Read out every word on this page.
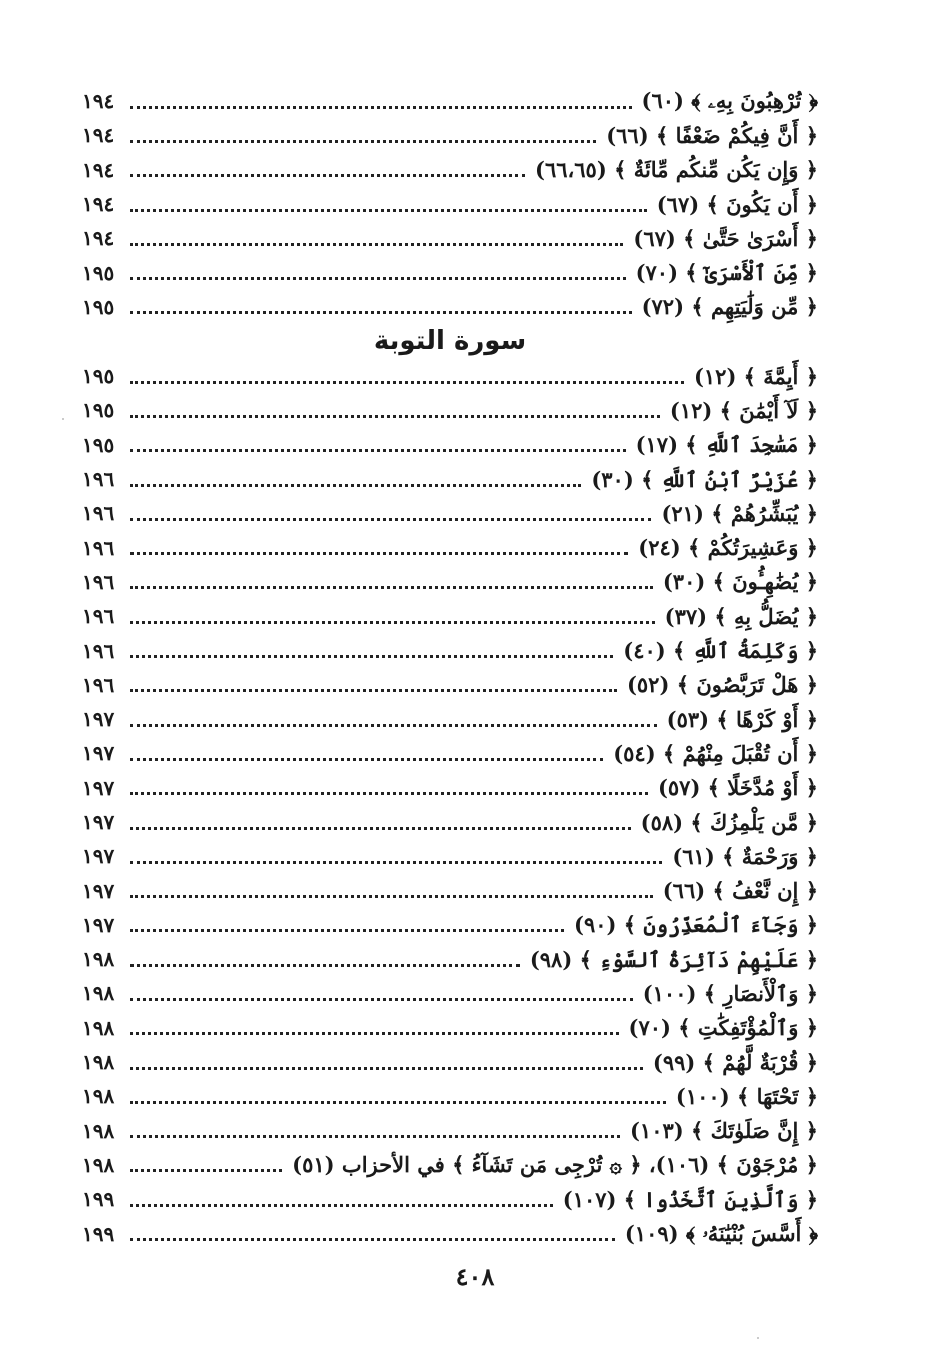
﴿ تُرْهِبُونَ بِهِۦ ﴾ (٦٠)
١٩٤
﴿ أَنَّ فِيكُمْ ضَعْفًا ﴾ (٦٦)
١٩٤
﴿ وَإِن يَكُن مِّنكُم مِّائَةٌ ﴾ (٦٦،٦٥)
١٩٤
﴿ أَن يَكُونَ ﴾ (٦٧)
١٩٤
﴿ أَسْرَىٰ حَتَّىٰ ﴾ (٦٧)
١٩٤
﴿ مِّنَ ٱلْأَسْرَىٰٓ ﴾ (٧٠)
١٩٥
﴿ مِّن وَلَٰيَتِهِم ﴾ (٧٢)
١٩٥
سورة التوبة
﴿ أَيِمَّةَ ﴾ (١٢)
١٩٥
﴿ لَآ أَيْمَٰنَ ﴾ (١٢)
١٩٥
﴿ مَسَٰجِدَ ٱللَّهِ ﴾ (١٧)
١٩٥
﴿ عُزَيْرٌ ٱبْنُ ٱللَّهِ ﴾ (٣٠)
١٩٦
﴿ يُبَشِّرُهُمْ ﴾ (٢١)
١٩٦
﴿ وَعَشِيرَتُكُمْ ﴾ (٢٤)
١٩٦
﴿ يُضَٰهِـُٔونَ ﴾ (٣٠)
١٩٦
﴿ يُضَلُّ بِهِ ﴾ (٣٧)
١٩٦
﴿ وَكَلِمَةُ ٱللَّهِ ﴾ (٤٠)
١٩٦
﴿ هَلْ تَرَبَّصُونَ ﴾ (٥٢)
١٩٦
﴿ أَوْ كَرْهًا ﴾ (٥٣)
١٩٧
﴿ أَن تُقْبَلَ مِنْهُمْ ﴾ (٥٤)
١٩٧
﴿ أَوْ مُدَّخَلًا ﴾ (٥٧)
١٩٧
﴿ مَّن يَلْمِزُكَ ﴾ (٥٨)
١٩٧
﴿ وَرَحْمَةٌ ﴾ (٦١)
١٩٧
﴿ إِن نَّعْفُ ﴾ (٦٦)
١٩٧
﴿ وَجَآءَ ٱلْمُعَذِّرُونَ ﴾ (٩٠)
١٩٧
﴿ عَلَيْهِمْ دَآئِرَةُ ٱلسَّوْءِ ﴾ (٩٨)
١٩٨
﴿ وَٱلْأَنصَارِ ﴾ (١٠٠)
١٩٨
﴿ وَٱلْمُؤْتَفِكَٰتِ ﴾ (٧٠)
١٩٨
﴿ قُرْبَةٌ لَّهُمْ ﴾ (٩٩)
١٩٨
﴿ تَحْتَهَا ﴾ (١٠٠)
١٩٨
﴿ إِنَّ صَلَوٰتَكَ ﴾ (١٠٣)
١٩٨
﴿ مُرْجَوْنَ ﴾ (١٠٦)، ﴿ ۞ تُرْجِى مَن تَشَآءُ ﴾ في الأحزاب (٥١)
١٩٨
﴿ وَٱلَّذِينَ ٱتَّخَذُوا ﴾ (١٠٧)
١٩٩
﴿ أَسَّسَ بُنْيَٰنَهُۥ ﴾ (١٠٩)
١٩٩
٤٠٨
